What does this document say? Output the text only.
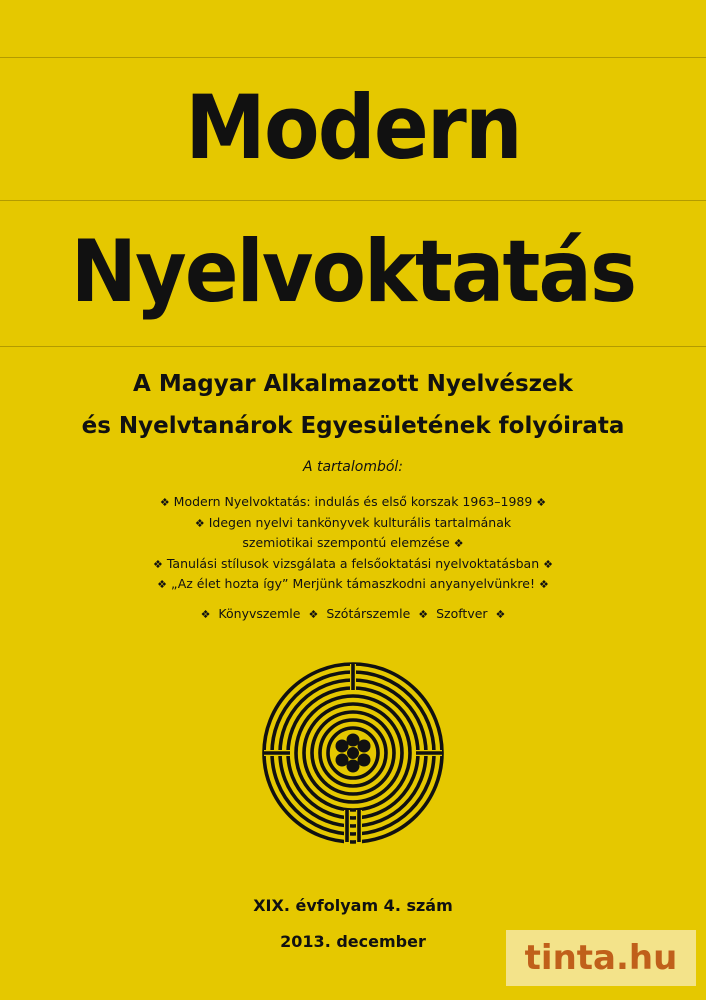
Modern
Nyelvoktatás
A Magyar Alkalmazott Nyelvészek
és Nyelvtanárok Egyesületének folyóirata
A tartalomból:
❖ Modern Nyelvoktatás: indulás és első korszak 1963–1989 ❖
❖ Idegen nyelvi tankönyvek kulturális tartalmának
szemiotikai szempontú elemzése ❖
❖ Tanulási stílusok vizsgálata a felsőoktatási nyelvoktatásban ❖
❖ „Az élet hozta így” Merjünk támaszkodni anyanyelvünkre! ❖
❖ Könyvszemle ❖ Szótárszemle ❖ Szoftver ❖
XIX. évfolyam 4. szám
2013. december	tinta.hu
